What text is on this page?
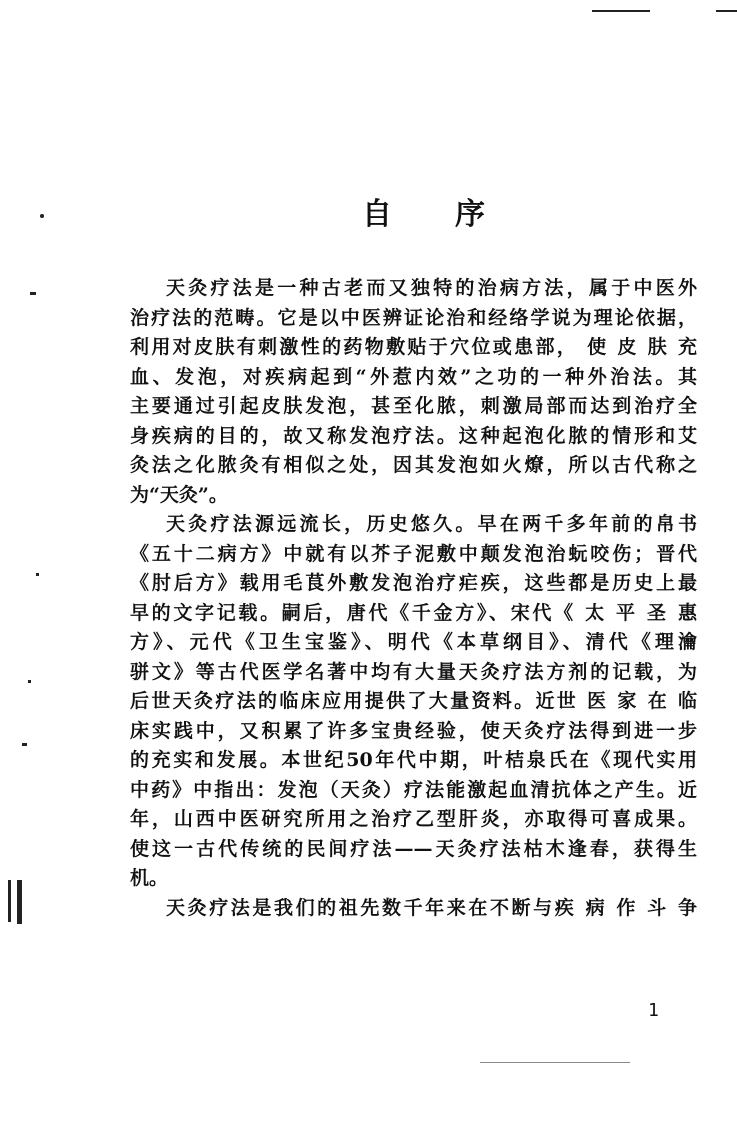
自 序
天灸疗法是一种古老而又独特的治病方法，属于中医外
治疗法的范畴。它是以中医辨证论治和经络学说为理论依据，
利用对皮肤有刺激性的药物敷贴于穴位或患部， 使 皮 肤 充
血、发泡，对疾病起到“外惹内效”之功的一种外治法。其
主要通过引起皮肤发泡，甚至化脓，刺激局部而达到治疗全
身疾病的目的，故又称发泡疗法。这种起泡化脓的情形和艾
灸法之化脓灸有相似之处，因其发泡如火燎，所以古代称之
为“天灸”。
天灸疗法源远流长，历史悠久。早在两千多年前的帛书
《五十二病方》中就有以芥子泥敷中颠发泡治蚖咬伤；晋代
《肘后方》载用毛茛外敷发泡治疗疟疾，这些都是历史上最
早的文字记载。嗣后，唐代《千金方》、宋代《 太 平 圣 惠
方》、元代《卫生宝鉴》、明代《本草纲目》、清代《理瀹
骈文》等古代医学名著中均有大量天灸疗法方剂的记载，为
后世天灸疗法的临床应用提供了大量资料。近世 医 家 在 临
床实践中，又积累了许多宝贵经验，使天灸疗法得到进一步
的充实和发展。本世纪50年代中期，叶桔泉氏在《现代实用
中药》中指出：发泡（天灸）疗法能激起血清抗体之产生。近
年，山西中医研究所用之治疗乙型肝炎，亦取得可喜成果。
使这一古代传统的民间疗法——天灸疗法枯木逢春，获得生
机。
天灸疗法是我们的祖先数千年来在不断与疾 病 作 斗 争
1
